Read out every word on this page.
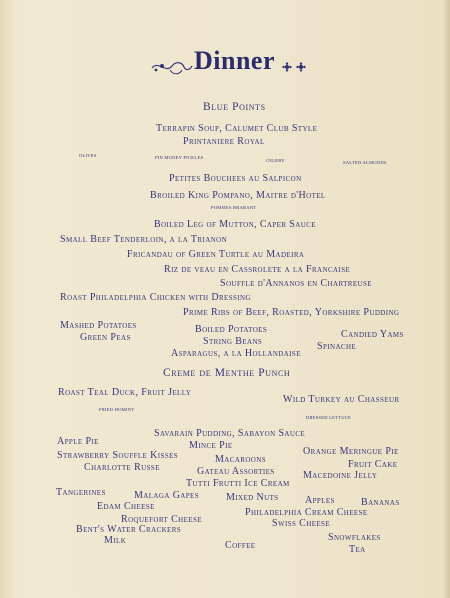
Dinner
Blue Points
Terrapin Soup, Calumet Club Style
Printaniere Royal
OLIVES	PIN MONEY PICKLES
CELERY	SALTED ALMONDS
Petites Bouchees au Salpicon
Broiled King Pompano, Maitre d'Hotel
POMMES BRABANT
Boiled Leg of Mutton, Caper Sauce
Small Beef Tenderloin, a la Trianon
Fricandau of Green Turtle au Madeira
Riz de veau en Cassrolete a la Francaise
Souffle d'Annanos en Chartreuse
Roast Philadelphia Chicken with Dressing
Prime Ribs of Beef, Roasted, Yorkshire Pudding
Mashed Potatoes
Green Peas
Boiled Potatoes
String Beans
Asparagus, a la Hollandaise
Candied Yams
Spinache
Creme de Menthe Punch
Roast Teal Duck, Fruit Jelly
FRIED HOMINY
Wild Turkey au Chasseur
DRESSED LETTUCE
Savarain Pudding, Sabayon Sauce
Apple Pie	Mince Pie
Orange Meringue Pie
Strawberry Souffle Kisses	Macaroons	Fruit Cake
Charlotte Russe	Gateau Assorties	Macedoine Jelly
Tutti Frutti Ice Cream
Tangerines	Malaga Gapes	Mixed Nuts	Apples	Bananas
Edam Cheese
Philadelphia Cream Cheese
Roquefort Cheese	Swiss Cheese
Bent's Water Crackers
Snowflakes
Milk	Coffee	Tea
